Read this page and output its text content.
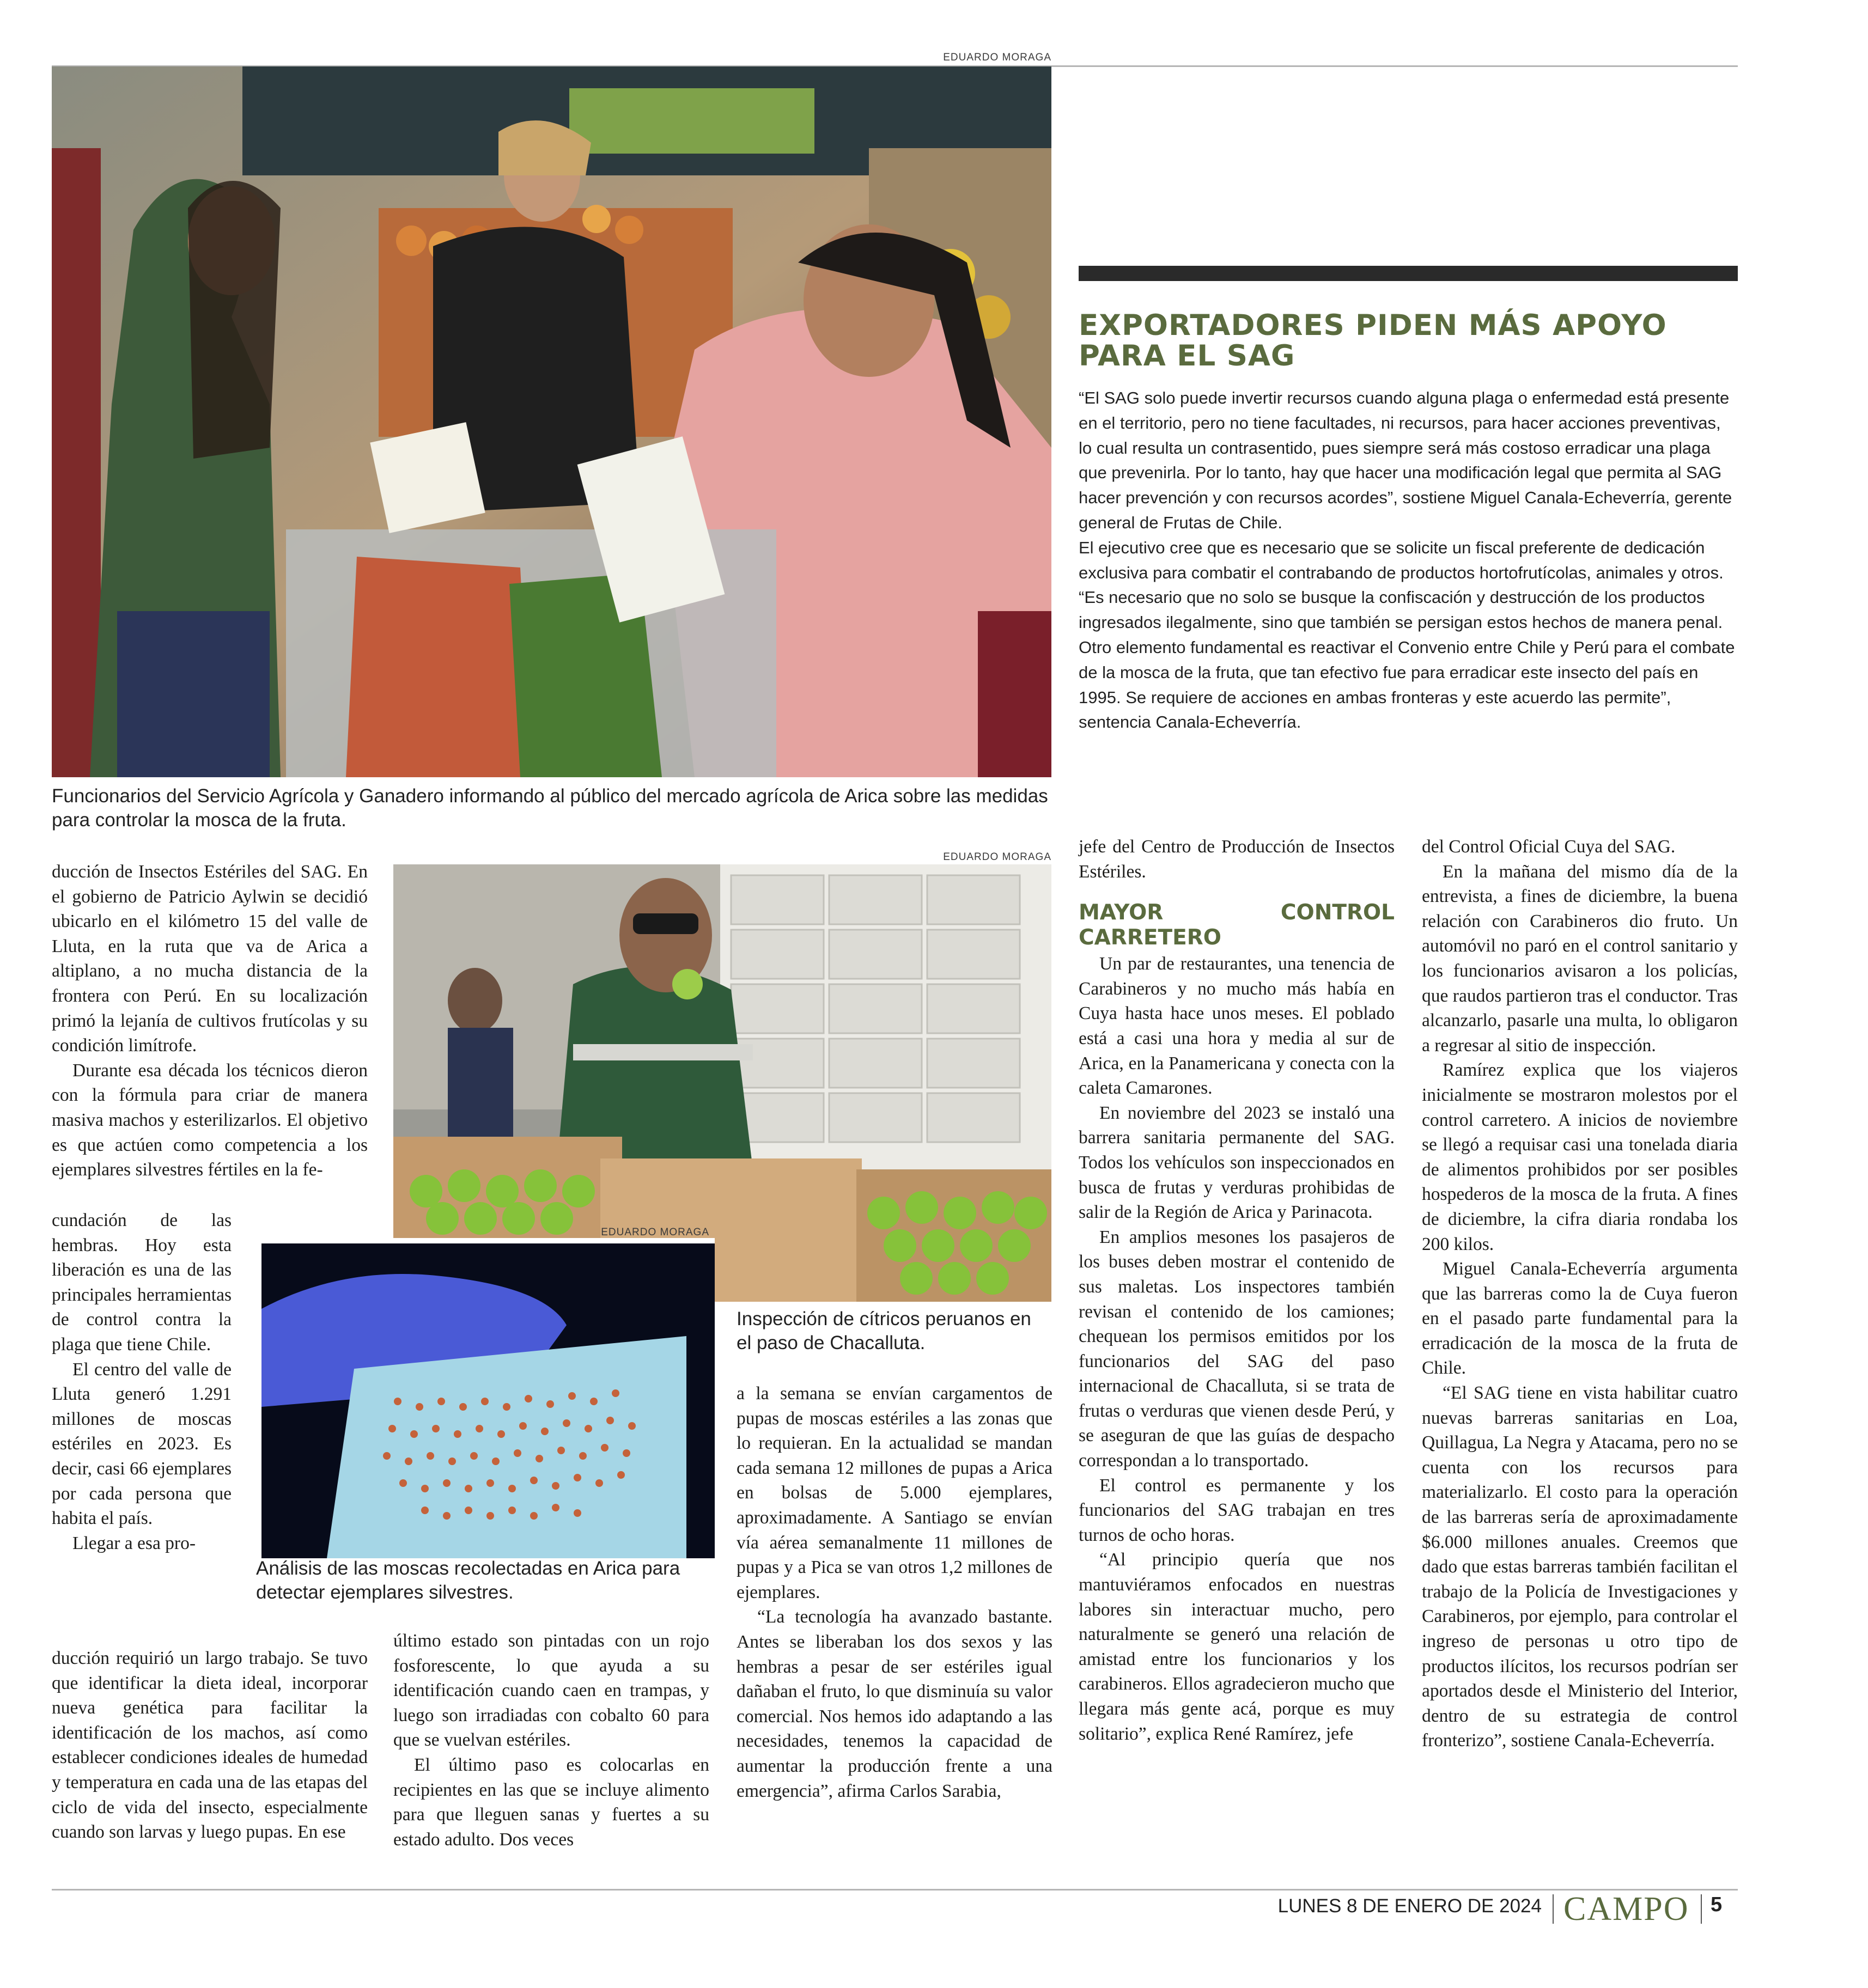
EDUARDO MORAGA
Funcionarios del Servicio Agrícola y Ganadero informando al público del mercado agrícola de Arica sobre las medidas para controlar la mosca de la fruta.
EXPORTADORES PIDEN MÁS APOYO PARA EL SAG

“El SAG solo puede invertir recursos cuando alguna plaga o enfermedad está presente en el territorio, pero no tiene facultades, ni recursos, para hacer acciones preventivas, lo cual resulta un contrasentido, pues siempre será más costoso erradicar una plaga que prevenirla. Por lo tanto, hay que hacer una modificación legal que permita al SAG hacer prevención y con recursos acordes”, sostiene Miguel Canala-Echeverría, gerente general de Frutas de Chile.

El ejecutivo cree que es necesario que se solicite un fiscal preferente de dedicación exclusiva para combatir el contrabando de productos hortofrutícolas, animales y otros.

“Es necesario que no solo se busque la confiscación y destrucción de los productos ingresados ilegalmente, sino que también se persigan estos hechos de manera penal. Otro elemento fundamental es reactivar el Convenio entre Chile y Perú para el combate de la mosca de la fruta, que tan efectivo fue para erradicar este insecto del país en 1995. Se requiere de acciones en ambas fronteras y este acuerdo las permite”, sentencia Canala-Echeverría.

EDUARDO MORAGA
Inspección de cítricos peruanos en el paso de Chacalluta.
EDUARDO MORAGA
Análisis de las moscas recolectadas en Arica para detectar ejemplares silvestres.

ducción de Insectos Estériles del SAG. En el gobierno de Patricio Aylwin se decidió ubicarlo en el kilómetro 15 del valle de Lluta, en la ruta que va de Arica a altiplano, a no mucha distancia de la frontera con Perú. En su localización primó la lejanía de cultivos frutícolas y su condición limítrofe.

Durante esa década los técnicos dieron con la fórmula para criar de manera masiva machos y esterilizarlos. El objetivo es que actúen como competencia a los ejemplares silvestres fértiles en la fe-

cundación de las hembras. Hoy esta liberación es una de las principales herramientas de control contra la plaga que tiene Chile.

El centro del valle de Lluta generó 1.291 millones de moscas estériles en 2023. Es decir, casi 66 ejemplares por cada persona que habita el país.

Llegar a esa pro-

ducción requirió un largo trabajo. Se tuvo que identificar la dieta ideal, incorporar nueva genética para facilitar la identificación de los machos, así como establecer condiciones ideales de humedad y temperatura en cada una de las etapas del ciclo de vida del insecto, especialmente cuando son larvas y luego pupas. En ese

último estado son pintadas con un rojo fosforescente, lo que ayuda a su identificación cuando caen en trampas, y luego son irradiadas con cobalto 60 para que se vuelvan estériles.

El último paso es colocarlas en recipientes en las que se incluye alimento para que lleguen sanas y fuertes a su estado adulto. Dos veces

a la semana se envían cargamentos de pupas de moscas estériles a las zonas que lo requieran. En la actualidad se mandan cada semana 12 millones de pupas a Arica en bolsas de 5.000 ejemplares, aproximadamente. A Santiago se envían vía aérea semanalmente 11 millones de pupas y a Pica se van otros 1,2 millones de ejemplares.

“La tecnología ha avanzado bastante. Antes se liberaban los dos sexos y las hembras a pesar de ser estériles igual dañaban el fruto, lo que disminuía su valor comercial. Nos hemos ido adaptando a las necesidades, tenemos la capacidad de aumentar la producción frente a una emergencia”, afirma Carlos Sarabia,

jefe del Centro de Producción de Insectos Estériles.

MAYOR CONTROL CARRETERO

Un par de restaurantes, una tenencia de Carabineros y no mucho más había en Cuya hasta hace unos meses. El poblado está a casi una hora y media al sur de Arica, en la Panamericana y conecta con la caleta Camarones.

En noviembre del 2023 se instaló una barrera sanitaria permanente del SAG. Todos los vehículos son inspeccionados en busca de frutas y verduras prohibidas de salir de la Región de Arica y Parinacota.

En amplios mesones los pasajeros de los buses deben mostrar el contenido de sus maletas. Los inspectores también revisan el contenido de los camiones; chequean los permisos emitidos por los funcionarios del SAG del paso internacional de Chacalluta, si se trata de frutas o verduras que vienen desde Perú, y se aseguran de que las guías de despacho correspondan a lo transportado.

El control es permanente y los funcionarios del SAG trabajan en tres turnos de ocho horas.

“Al principio quería que nos mantuviéramos enfocados en nuestras labores sin interactuar mucho, pero naturalmente se generó una relación de amistad entre los funcionarios y los carabineros. Ellos agradecieron mucho que llegara más gente acá, porque es muy solitario”, explica René Ramírez, jefe

del Control Oficial Cuya del SAG.

En la mañana del mismo día de la entrevista, a fines de diciembre, la buena relación con Carabineros dio fruto. Un automóvil no paró en el control sanitario y los funcionarios avisaron a los policías, que raudos partieron tras el conductor. Tras alcanzarlo, pasarle una multa, lo obligaron a regresar al sitio de inspección.

Ramírez explica que los viajeros inicialmente se mostraron molestos por el control carretero. A inicios de noviembre se llegó a requisar casi una tonelada diaria de alimentos prohibidos por ser posibles hospederos de la mosca de la fruta. A fines de diciembre, la cifra diaria rondaba los 200 kilos.

Miguel Canala-Echeverría argumenta que las barreras como la de Cuya fueron en el pasado parte fundamental para la erradicación de la mosca de la fruta de Chile.

“El SAG tiene en vista habilitar cuatro nuevas barreras sanitarias en Loa, Quillagua, La Negra y Atacama, pero no se cuenta con los recursos para materializarlo. El costo para la operación de las barreras sería de aproximadamente $6.000 millones anuales. Creemos que dado que estas barreras también facilitan el trabajo de la Policía de Investigaciones y Carabineros, por ejemplo, para controlar el ingreso de personas u otro tipo de productos ilícitos, los recursos podrían ser aportados desde el Ministerio del Interior, dentro de su estrategia de control fronterizo”, sostiene Canala-Echeverría.

LUNES 8 DE ENERO DE 2024 CAMPO 5
